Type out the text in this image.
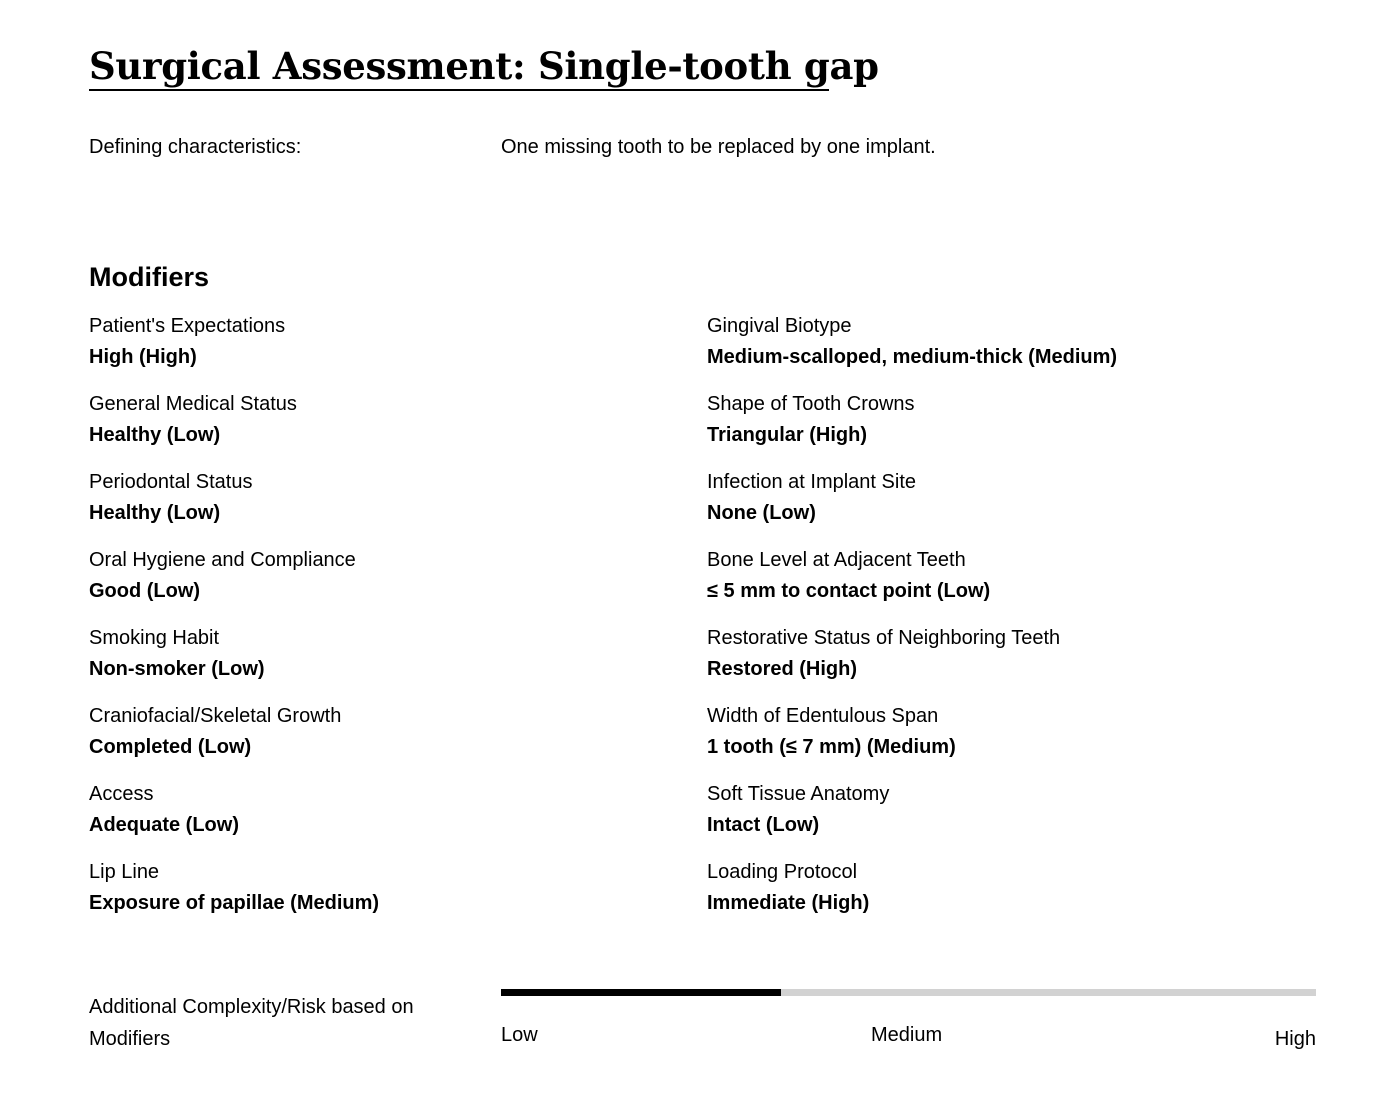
Surgical Assessment: Single-tooth gap
Defining characteristics:	One missing tooth to be replaced by one implant.
Modifiers
Patient's Expectations
High (High)
Gingival Biotype
Medium-scalloped, medium-thick (Medium)
General Medical Status
Healthy (Low)
Shape of Tooth Crowns
Triangular (High)
Periodontal Status
Healthy (Low)
Infection at Implant Site
None (Low)
Oral Hygiene and Compliance
Good (Low)
Bone Level at Adjacent Teeth
≤ 5 mm to contact point (Low)
Smoking Habit
Non-smoker (Low)
Restorative Status of Neighboring Teeth
Restored (High)
Craniofacial/Skeletal Growth
Completed (Low)
Width of Edentulous Span
1 tooth (≤ 7 mm) (Medium)
Access
Adequate (Low)
Soft Tissue Anatomy
Intact (Low)
Lip Line
Exposure of papillae (Medium)
Loading Protocol
Immediate (High)
Additional Complexity/Risk based on Modifiers	Low	Medium	High
